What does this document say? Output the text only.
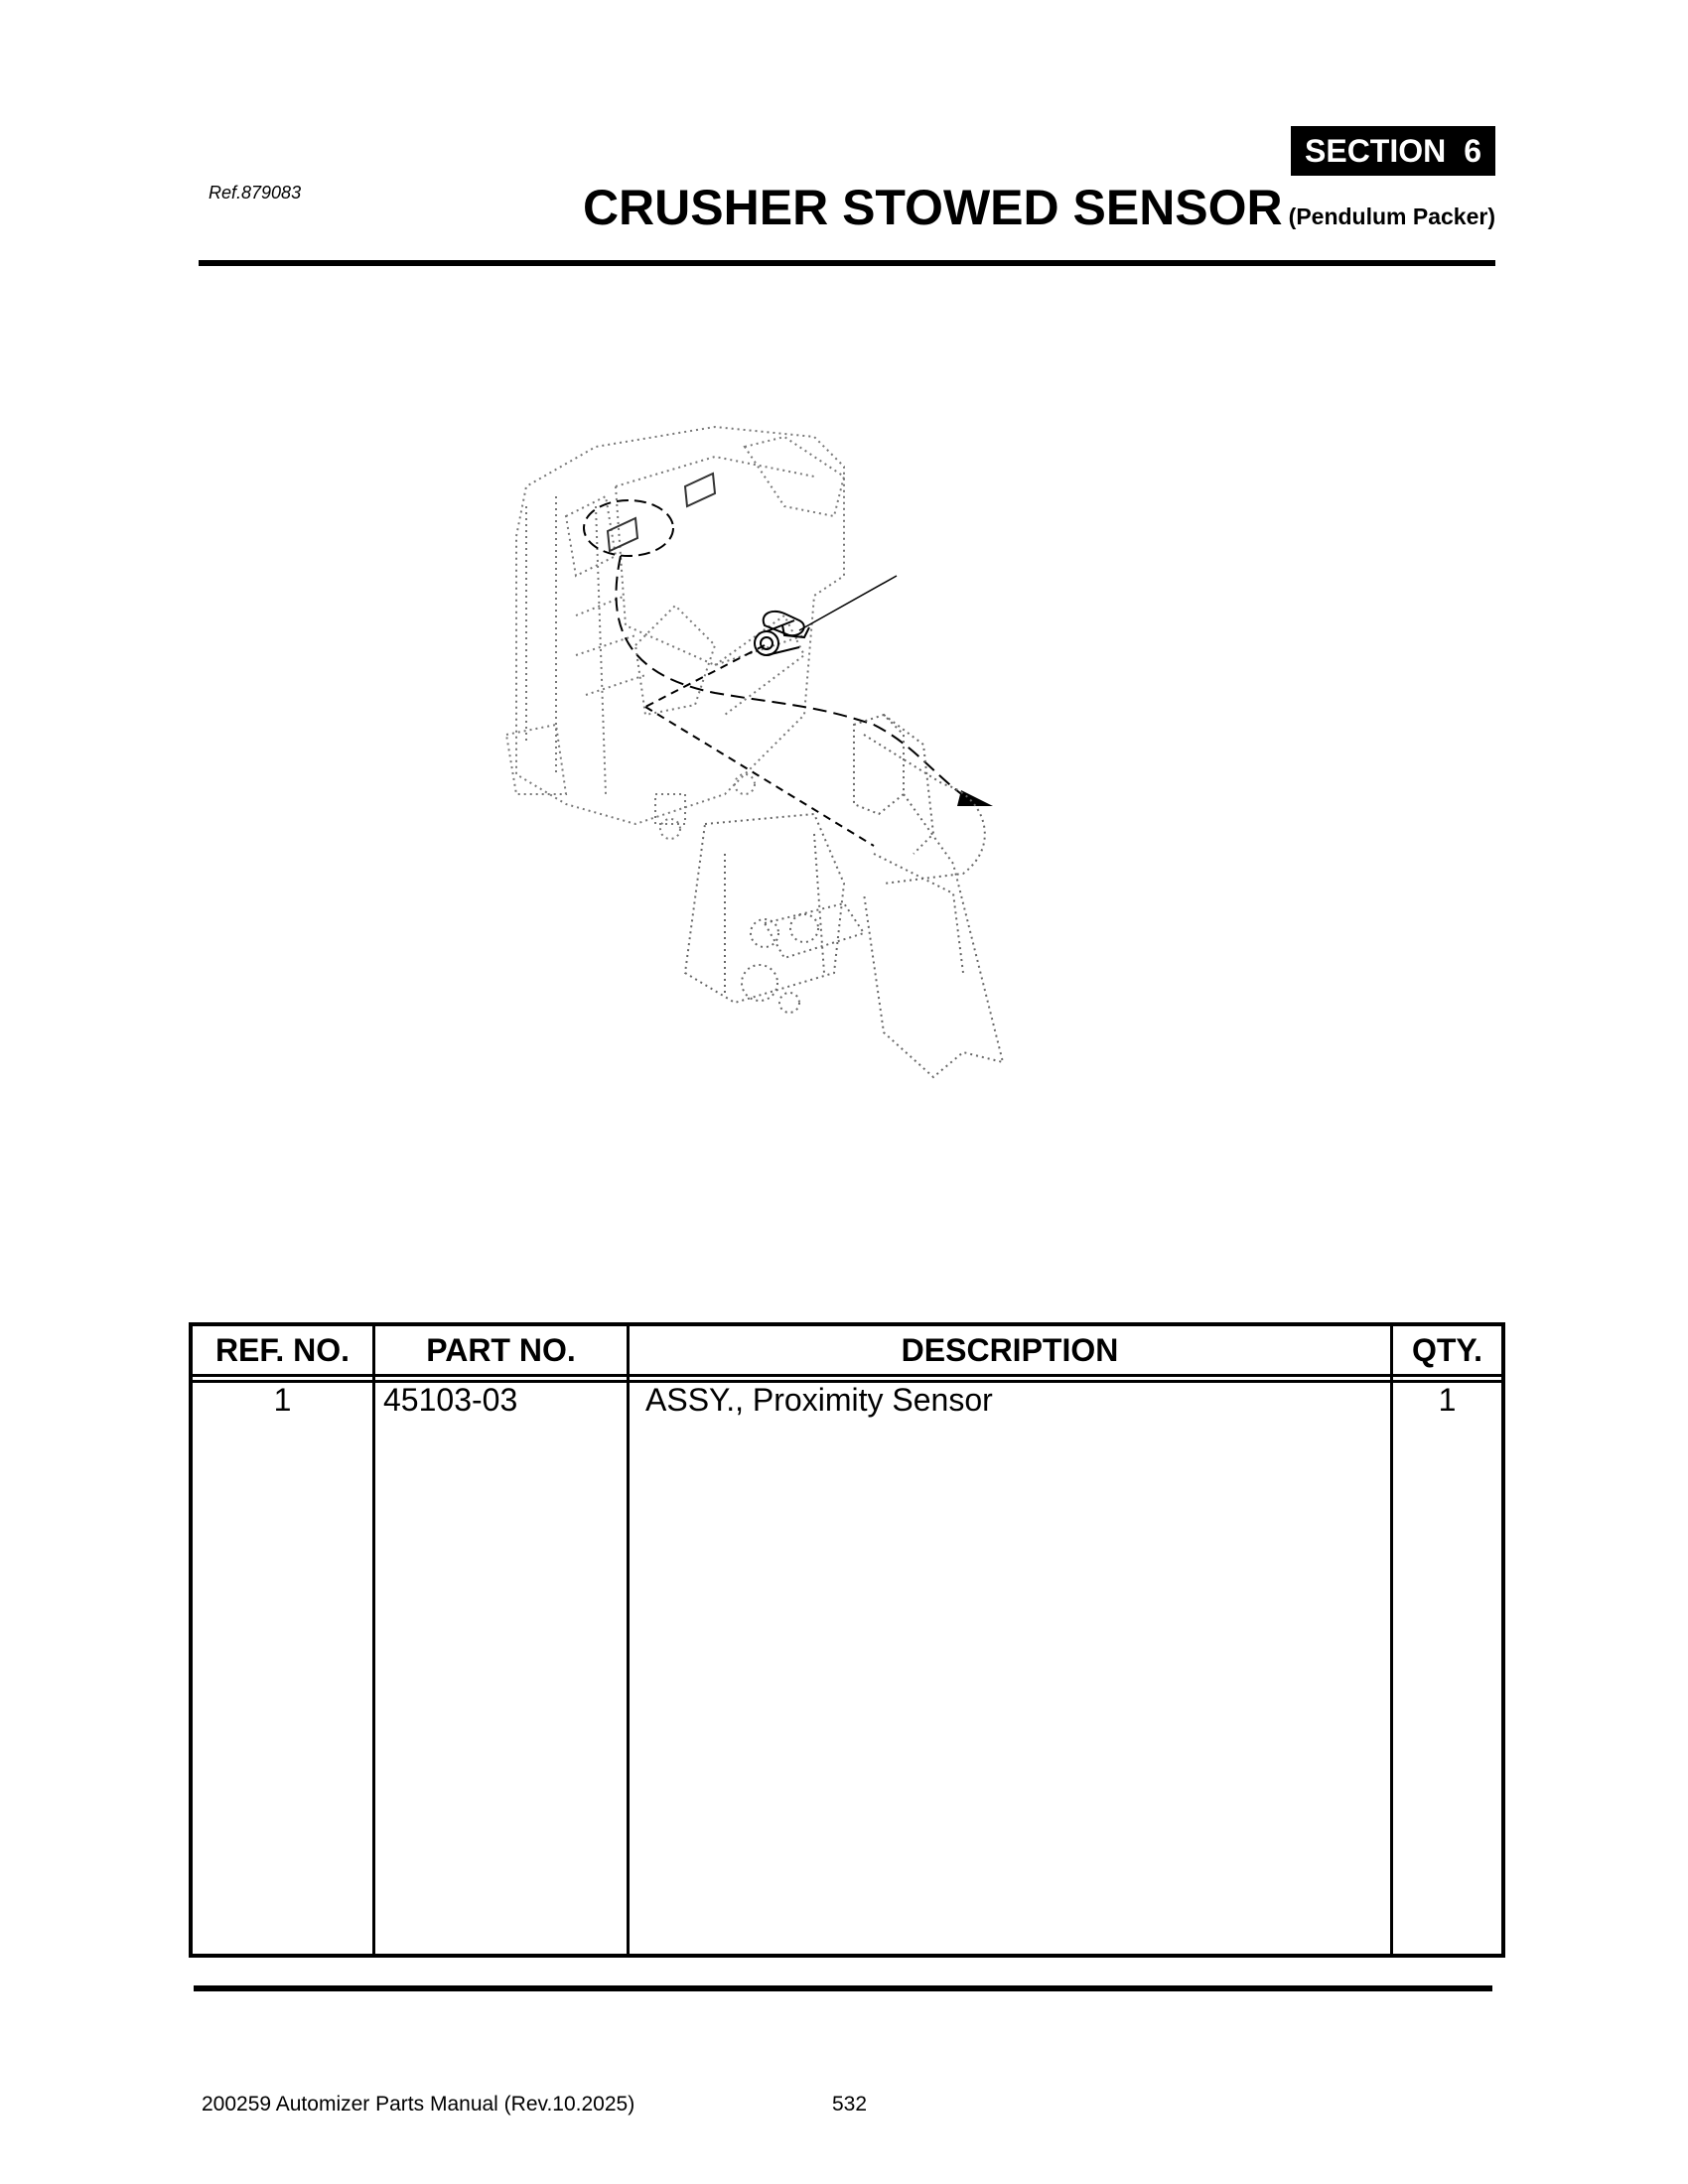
SECTION 6
Ref.879083	CRUSHER STOWED SENSOR (Pendulum Packer)
REF. NO.	PART NO.	DESCRIPTION	QTY.
1	45103-03	ASSY., Proximity Sensor	1
200259 Automizer Parts Manual (Rev.10.2025)	532
